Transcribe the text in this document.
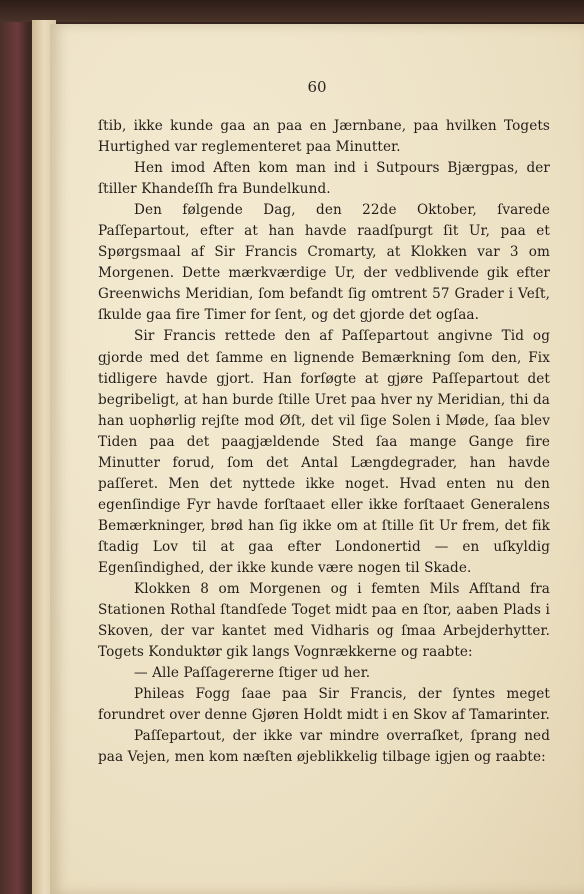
60

ſtib, ikke kunde gaa an paa en Jærnbane, paa hvilken Togets Hurtighed var reglementeret paa Minutter.

Hen imod Aften kom man ind i Sutpours Bjærgpas, der ſtiller Khandeſſh fra Bundelkund.

Den følgende Dag, den 22de Oktober, ſvarede Paſſepartout, efter at han havde raadſpurgt ſit Ur, paa et Spørgsmaal af Sir Francis Cromarty, at Klokken var 3 om Morgenen. Dette mærkværdige Ur, der vedblivende gik efter Greenwichs Meridian, ſom befandt ſig omtrent 57 Grader i Veſt, ſkulde gaa fire Timer for ſent, og det gjorde det ogſaa.

Sir Francis rettede den af Paſſepartout angivne Tid og gjorde med det ſamme en lignende Bemærkning ſom den, Fix tidligere havde gjort. Han forſøgte at gjøre Paſſepartout det begribeligt, at han burde ſtille Uret paa hver ny Meridian, thi da han uophørlig rejſte mod Øſt, det vil ſige Solen i Møde, ſaa blev Tiden paa det paagjældende Sted ſaa mange Gange fire Minutter forud, ſom det Antal Længdegrader, han havde paſſeret. Men det nyttede ikke noget. Hvad enten nu den egenſindige Fyr havde forſtaaet eller ikke forſtaaet Generalens Bemærkninger, brød han ſig ikke om at ſtille ſit Ur frem, det fik ſtadig Lov til at gaa efter Londonertid — en uſkyldig Egenſindighed, der ikke kunde være nogen til Skade.

Klokken 8 om Morgenen og i femten Mils Afſtand fra Stationen Rothal ſtandſede Toget midt paa en ſtor, aaben Plads i Skoven, der var kantet med Vidharis og ſmaa Arbejderhytter. Togets Konduktør gik langs Vognrækkerne og raabte:

— Alle Paſſagererne ſtiger ud her.

Phileas Fogg ſaae paa Sir Francis, der ſyntes meget forundret over denne Gjøren Holdt midt i en Skov af Tamarinter.

Paſſepartout, der ikke var mindre overraſket, ſprang ned paa Vejen, men kom næſten øjeblikkelig tilbage igjen og raabte:
